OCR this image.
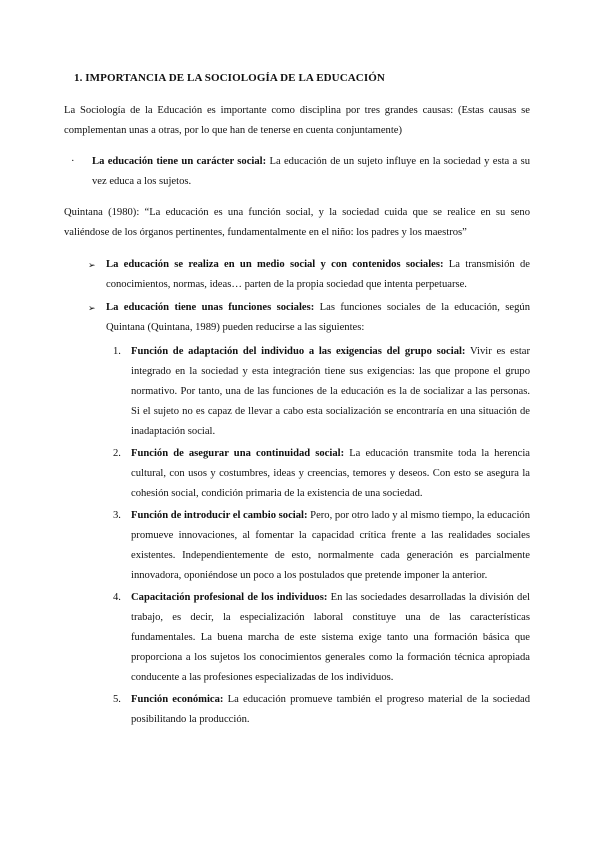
1. IMPORTANCIA DE LA SOCIOLOGÍA DE LA EDUCACIÓN

La Sociología de la Educación es importante como disciplina por tres grandes causas: (Estas causas se complementan unas a otras, por lo que han de tenerse en cuenta conjuntamente)

· La educación tiene un carácter social: La educación de un sujeto influye en la sociedad y esta a su vez educa a los sujetos.

Quintana (1980): “La educación es una función social, y la sociedad cuida que se realice en su seno valiéndose de los órganos pertinentes, fundamentalmente en el niño: los padres y los maestros”

➢ La educación se realiza en un medio social y con contenidos sociales: La transmisión de conocimientos, normas, ideas… parten de la propia sociedad que intenta perpetuarse.

➢ La educación tiene unas funciones sociales: Las funciones sociales de la educación, según Quintana (Quintana, 1989) pueden reducirse a las siguientes:

1. Función de adaptación del individuo a las exigencias del grupo social: Vivir es estar integrado en la sociedad y esta integración tiene sus exigencias: las que propone el grupo normativo. Por tanto, una de las funciones de la educación es la de socializar a las personas. Si el sujeto no es capaz de llevar a cabo esta socialización se encontraría en una situación de inadaptación social.

2. Función de asegurar una continuidad social: La educación transmite toda la herencia cultural, con usos y costumbres, ideas y creencias, temores y deseos. Con esto se asegura la cohesión social, condición primaria de la existencia de una sociedad.

3. Función de introducir el cambio social: Pero, por otro lado y al mismo tiempo, la educación promueve innovaciones, al fomentar la capacidad crítica frente a las realidades sociales existentes. Independientemente de esto, normalmente cada generación es parcialmente innovadora, oponiéndose un poco a los postulados que pretende imponer la anterior.

4. Capacitación profesional de los individuos: En las sociedades desarrolladas la división del trabajo, es decir, la especialización laboral constituye una de las características fundamentales. La buena marcha de este sistema exige tanto una formación básica que proporciona a los sujetos los conocimientos generales como la formación técnica apropiada conducente a las profesiones especializadas de los individuos.

5. Función económica: La educación promueve también el progreso material de la sociedad posibilitando la producción.
